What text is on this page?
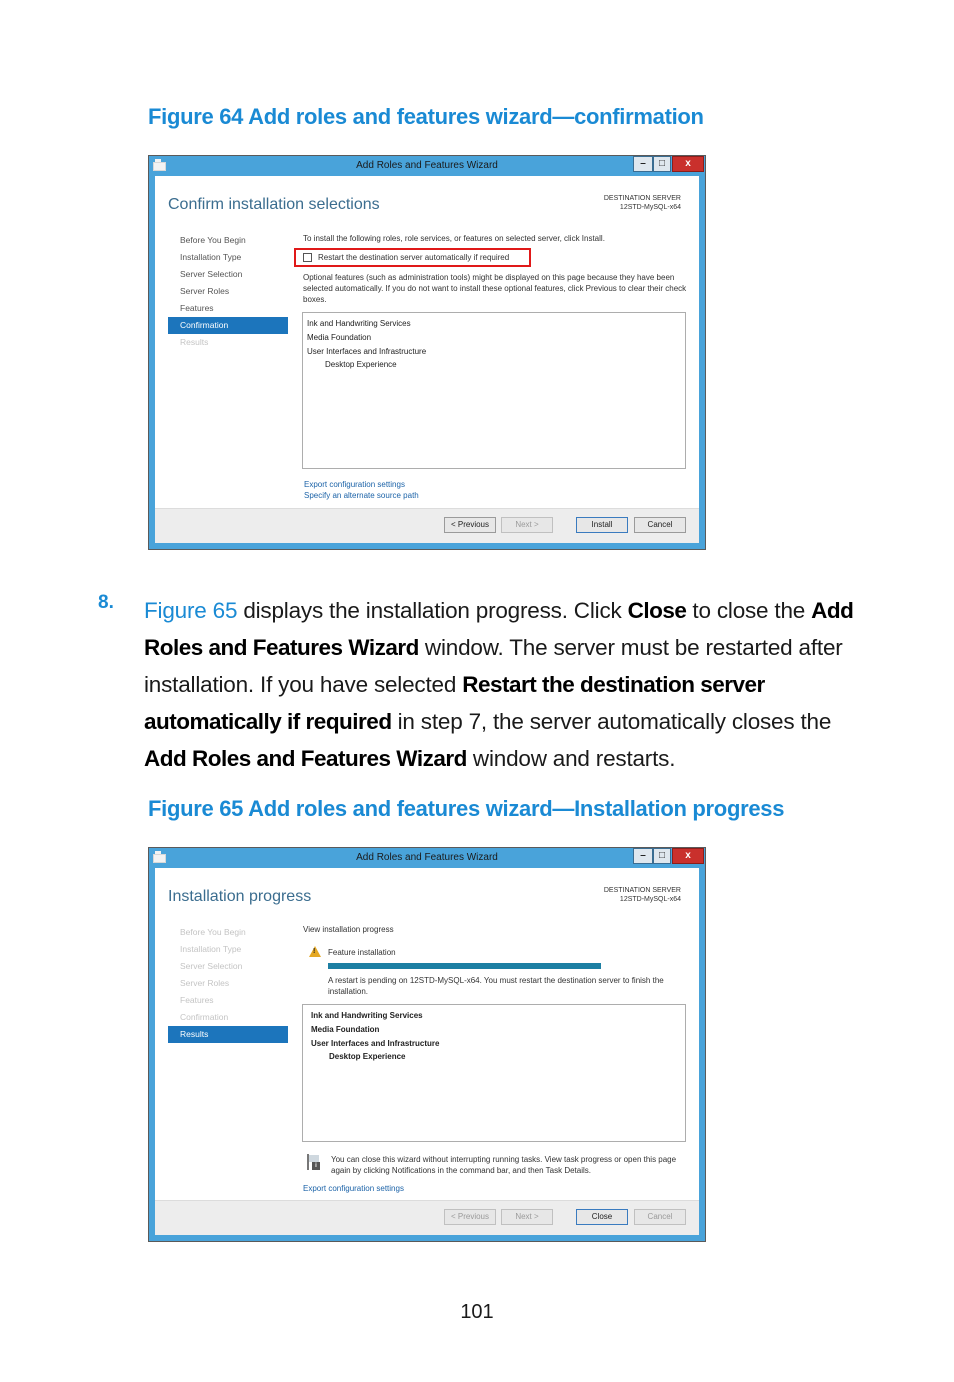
Figure 64 Add roles and features wizard—confirmation
Add Roles and Features Wizard	–	□	x
Confirm installation selections	DESTINATION SERVER
12STD-MySQL-x64
Before You Begin
Installation Type
Server Selection
Server Roles
Features
Confirmation
Results
To install the following roles, role services, or features on selected server, click Install.
Restart the destination server automatically if required
Optional features (such as administration tools) might be displayed on this page because they have been selected automatically. If you do not want to install these optional features, click Previous to clear their check boxes.
Ink and Handwriting Services
Media Foundation
User Interfaces and Infrastructure
Desktop Experience
Export configuration settings
Specify an alternate source path
< Previous	Next >	Install	Cancel
8. Figure 65 displays the installation progress. Click Close to close the Add Roles and Features Wizard window. The server must be restarted after installation. If you have selected Restart the destination server automatically if required in step 7, the server automatically closes the Add Roles and Features Wizard window and restarts.
Figure 65 Add roles and features wizard—Installation progress
Add Roles and Features Wizard	–	□	x
Installation progress	DESTINATION SERVER
12STD-MySQL-x64
Before You Begin
Installation Type
Server Selection
Server Roles
Features
Confirmation
Results
View installation progress
! Feature installation
A restart is pending on 12STD-MySQL-x64. You must restart the destination server to finish the installation.
Ink and Handwriting Services
Media Foundation
User Interfaces and Infrastructure
Desktop Experience
i
You can close this wizard without interrupting running tasks. View task progress or open this page again by clicking Notifications in the command bar, and then Task Details.
Export configuration settings
< Previous	Next >	Close	Cancel
101
